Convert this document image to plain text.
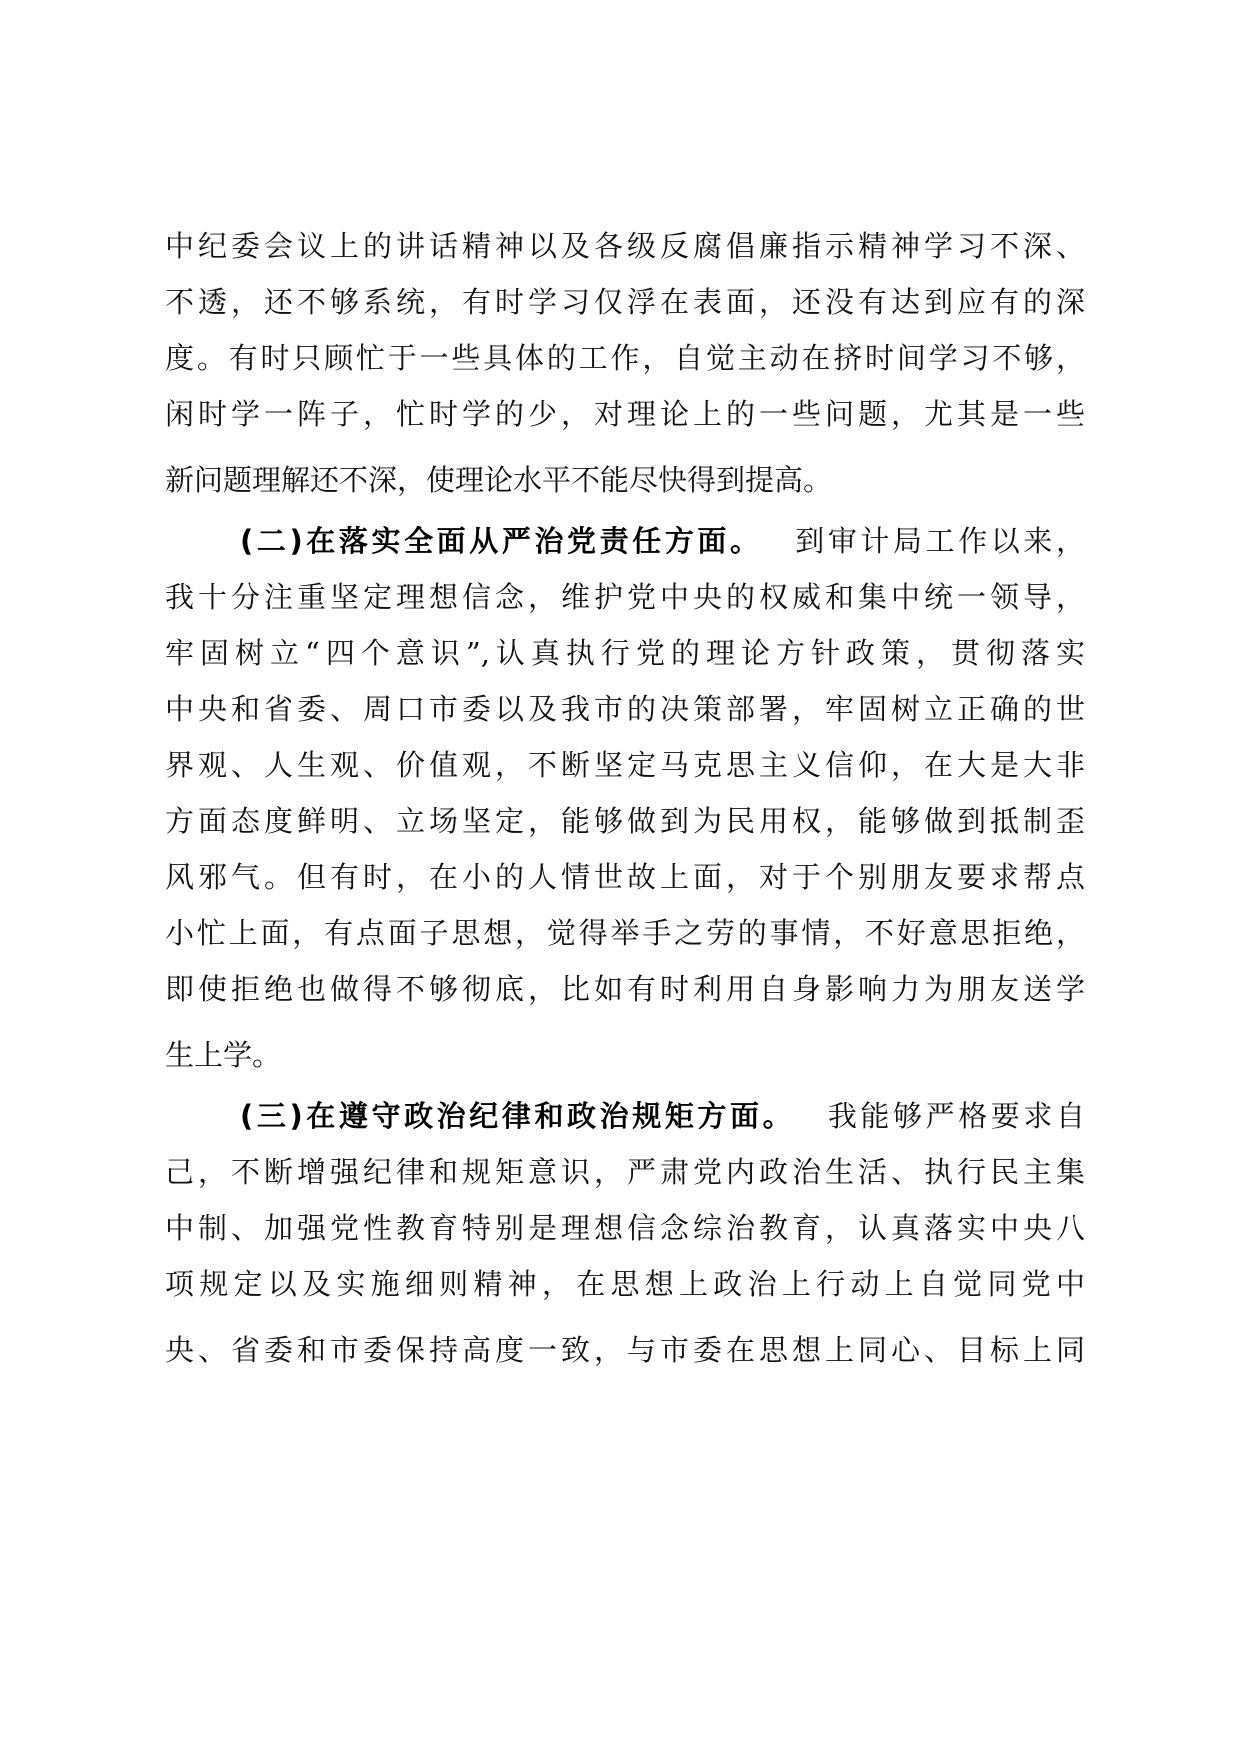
中纪委会议上的讲话精神以及各级反腐倡廉指示精神学习不深、
不透，还不够系统，有时学习仅浮在表面，还没有达到应有的深
度。有时只顾忙于一些具体的工作，自觉主动在挤时间学习不够，
闲时学一阵子，忙时学的少，对理论上的一些问题，尤其是一些
新问题理解还不深，使理论水平不能尽快得到提高。
(二)在落实全面从严治党责任方面。  到审计局工作以来，
我十分注重坚定理想信念，维护党中央的权威和集中统一领导，
牢固树立“四个意识”,认真执行党的理论方针政策，贯彻落实
中央和省委、周口市委以及我市的决策部署，牢固树立正确的世
界观、人生观、价值观，不断坚定马克思主义信仰，在大是大非
方面态度鲜明、立场坚定，能够做到为民用权，能够做到抵制歪
风邪气。但有时，在小的人情世故上面，对于个别朋友要求帮点
小忙上面，有点面子思想，觉得举手之劳的事情，不好意思拒绝，
即使拒绝也做得不够彻底，比如有时利用自身影响力为朋友送学
生上学。
(三)在遵守政治纪律和政治规矩方面。  我能够严格要求自
己，不断增强纪律和规矩意识，严肃党内政治生活、执行民主集
中制、加强党性教育特别是理想信念综治教育，认真落实中央八
项规定以及实施细则精神，在思想上政治上行动上自觉同党中
央、省委和市委保持高度一致，与市委在思想上同心、目标上同
